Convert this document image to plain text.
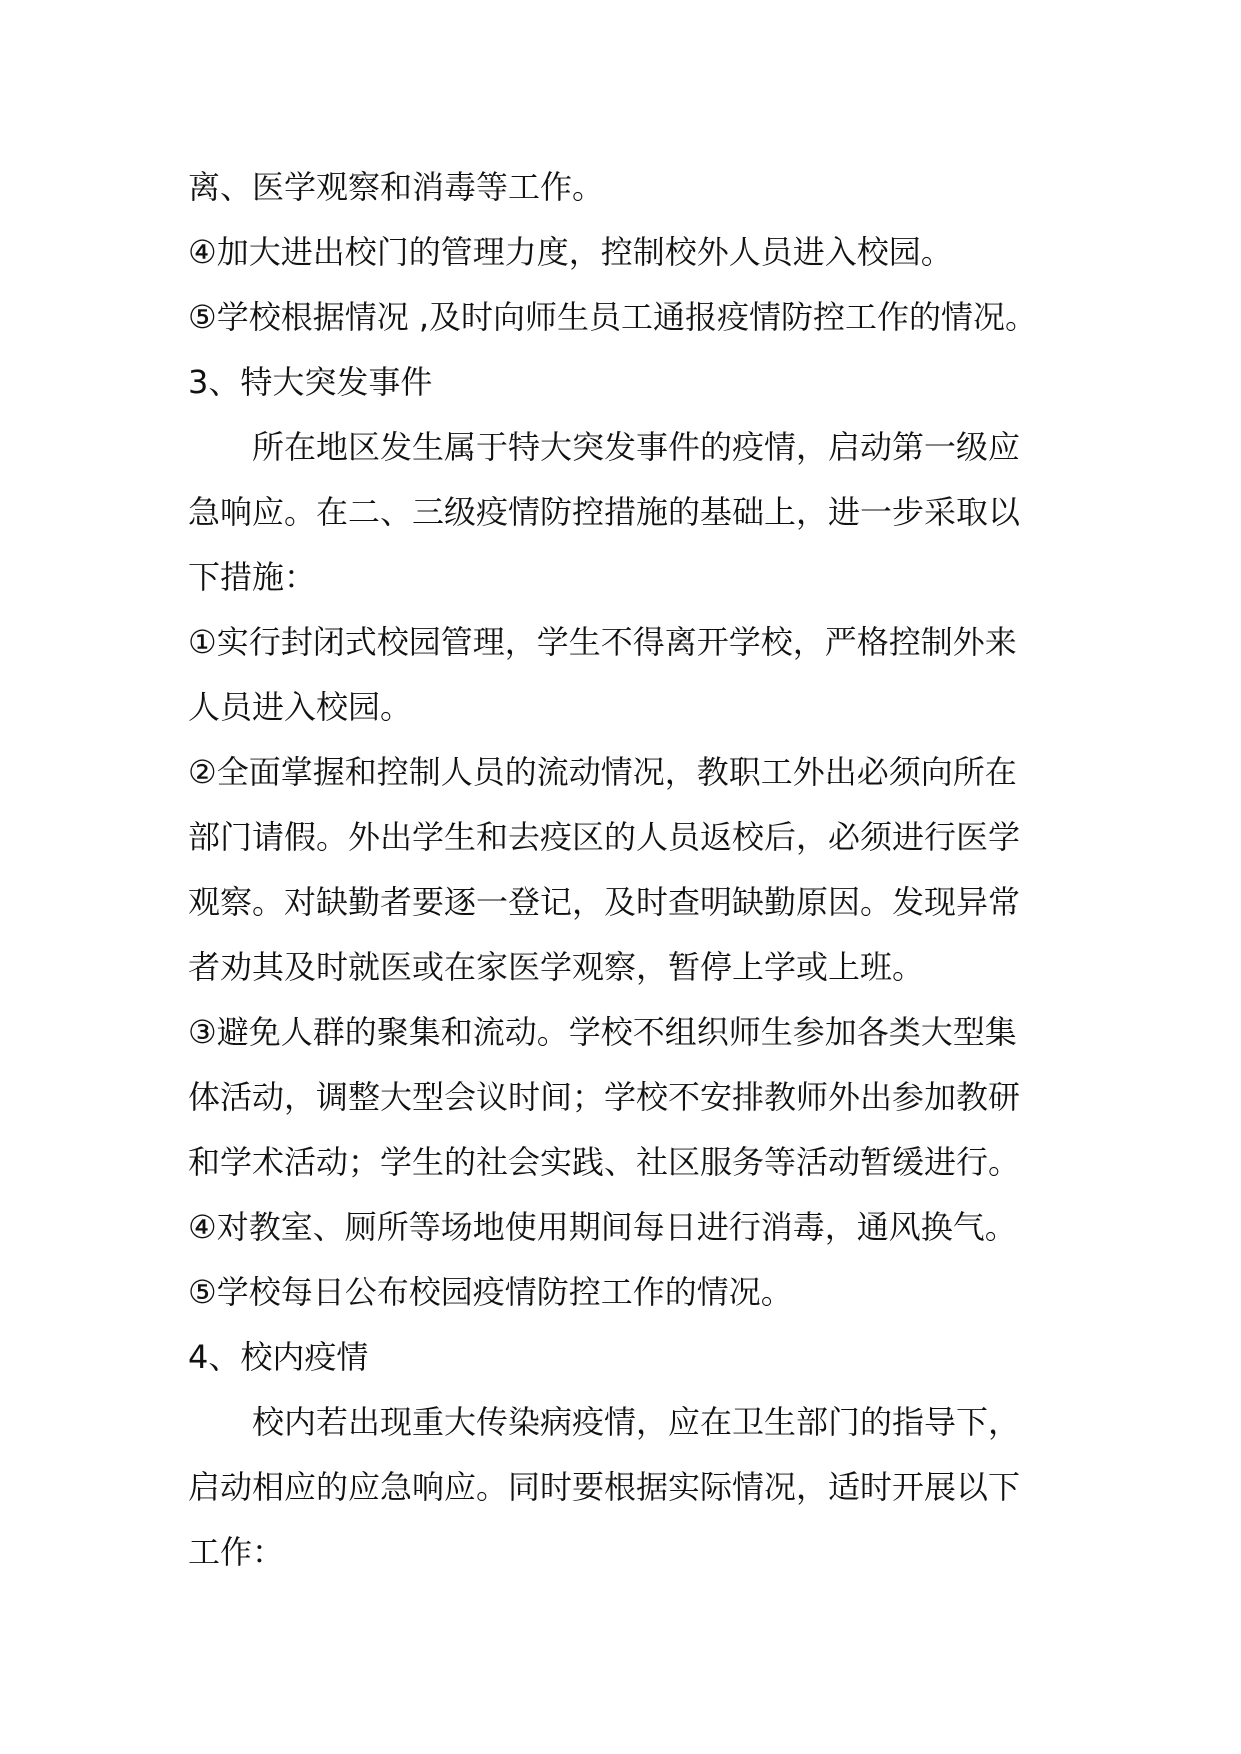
离、医学观察和消毒等工作。
④加大进出校门的管理力度，控制校外人员进入校园。
⑤学校根据情况 ,及时向师生员工通报疫情防控工作的情况。
3、特大突发事件
所在地区发生属于特大突发事件的疫情，启动第一级应
急响应。在二、三级疫情防控措施的基础上，进一步采取以
下措施：
①实行封闭式校园管理，学生不得离开学校，严格控制外来
人员进入校园。
②全面掌握和控制人员的流动情况，教职工外出必须向所在
部门请假。外出学生和去疫区的人员返校后，必须进行医学
观察。对缺勤者要逐一登记，及时查明缺勤原因。发现异常
者劝其及时就医或在家医学观察，暂停上学或上班。
③避免人群的聚集和流动。学校不组织师生参加各类大型集
体活动，调整大型会议时间；学校不安排教师外出参加教研
和学术活动；学生的社会实践、社区服务等活动暂缓进行。
④对教室、厕所等场地使用期间每日进行消毒，通风换气。
⑤学校每日公布校园疫情防控工作的情况。
4、校内疫情
校内若出现重大传染病疫情，应在卫生部门的指导下，
启动相应的应急响应。同时要根据实际情况，适时开展以下
工作：
